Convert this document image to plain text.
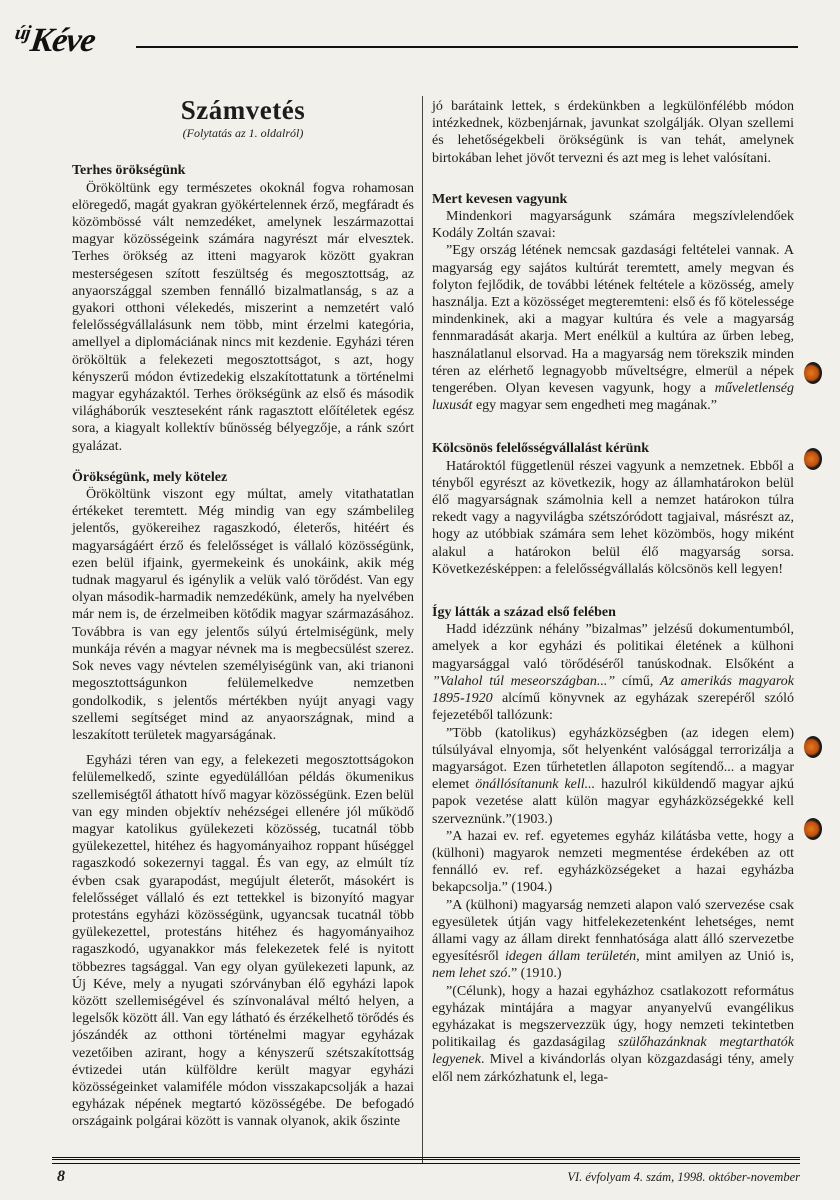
$^{új}$Kéve
Számvetés
(Folytatás az 1. oldalról)

Terhes örökségünk

Örököltünk egy természetes okoknál fogva rohamosan elöregedő, magát gyakran gyökértelennek érző, megfáradt és közömbössé vált nemzedéket, amelynek leszármazottai magyar közösségeink számára nagyrészt már elvesztek. Terhes örökség az itteni magyarok között gyakran mesterségesen szított feszültség és megosztottság, az anyaországgal szemben fennálló bizalmatlanság, s az a gyakori otthoni vélekedés, miszerint a nemzetért való felelősségvállalásunk nem több, mint érzelmi kategória, amellyel a diplomáciának nincs mit kezdenie. Egyházi téren örököltük a felekezeti megosztottságot, s azt, hogy kényszerű módon évtizedekig elszakítottatunk a történelmi magyar egyházaktól. Terhes örökségünk az első és második világháborúk veszteseként ránk ragasztott előítéletek egész sora, a kiagyalt kollektív bűnösség bélyegzője, a ránk szórt gyalázat.

Örökségünk, mely kötelez

Örököltünk viszont egy múltat, amely vitathatatlan értékeket teremtett. Még mindig van egy számbelileg jelentős, gyökereihez ragaszkodó, életerős, hitéért és magyarságáért érző és felelősséget is vállaló közösségünk, ezen belül ifjaink, gyermekeink és unokáink, akik még tudnak magyarul és igénylik a velük való törődést. Van egy olyan második-harmadik nemzedékünk, amely ha nyelvében már nem is, de érzelmeiben kötődik magyar származásához. Továbbra is van egy jelentős súlyú értelmiségünk, mely munkája révén a magyar névnek ma is megbecsülést szerez. Sok neves vagy névtelen személyiségünk van, aki trianoni megosztottságunkon felülemelkedve nemzetben gondolkodik, s jelentős mértékben nyújt anyagi vagy szellemi segítséget mind az anyaországnak, mind a leszakított területek magyarságának.

Egyházi téren van egy, a felekezeti megosztottságokon felülemelkedő, szinte egyedülállóan példás ökumenikus szellemiségtől áthatott hívő magyar közösségünk. Ezen belül van egy minden objektív nehézségei ellenére jól működő magyar katolikus gyülekezeti közösség, tucatnál több gyülekezettel, hitéhez és hagyományaihoz roppant hűséggel ragaszkodó sokezernyi taggal. És van egy, az elmúlt tíz évben csak gyarapodást, megújult életerőt, másokért is felelősséget vállaló és ezt tettekkel is bizonyító magyar protestáns egyházi közösségünk, ugyancsak tucatnál több gyülekezettel, protestáns hitéhez és hagyományaihoz ragaszkodó, ugyanakkor más felekezetek felé is nyitott többezres tagsággal. Van egy olyan gyülekezeti lapunk, az Új Kéve, mely a nyugati szórványban élő egyházi lapok között szellemiségével és színvonalával méltó helyen, a legelsők között áll. Van egy látható és érzékelhető törődés és jószándék az otthoni történelmi magyar egyházak vezetőiben azirant, hogy a kényszerű szétszakítottság évtizedei után külföldre került magyar egyházi közösségeinket valamiféle módon visszakapcsolják a hazai egyházak népének megtartó közösségébe. De befogadó országaink polgárai között is vannak olyanok, akik őszinte

jó barátaink lettek, s érdekünkben a legkülönfélébb módon intézkednek, közbenjárnak, javunkat szolgálják. Olyan szellemi és lehetőségekbeli örökségünk is van tehát, amelynek birtokában lehet jövőt tervezni és azt meg is lehet valósítani.

Mert kevesen vagyunk

Mindenkori magyarságunk számára megszívlelendőek Kodály Zoltán szavai:

”Egy ország létének nemcsak gazdasági feltételei vannak. A magyarság egy sajátos kultúrát teremtett, amely megvan és folyton fejlődik, de további létének feltétele a közösség, amely használja. Ezt a közösséget megteremteni: első és fő kötelessége mindenkinek, aki a magyar kultúra és vele a magyarság fennmaradását akarja. Mert enélkül a kultúra az űrben lebeg, használatlanul elsorvad. Ha a magyarság nem törekszik minden téren az elérhető legnagyobb műveltségre, elmerül a népek tengerében. Olyan kevesen vagyunk, hogy a műveletlenség luxusát egy magyar sem engedheti meg magának.”

Kölcsönös felelősségvállalást kérünk

Határoktól függetlenül részei vagyunk a nemzetnek. Ebből a tényből egyrészt az következik, hogy az államhatárokon belül élő magyarságnak számolnia kell a nemzet határokon túlra rekedt vagy a nagyvilágba szétszóródott tagjaival, másrészt az, hogy az utóbbiak számára sem lehet közömbös, hogy miként alakul a határokon belül élő magyarság sorsa. Következésképpen: a felelősségvállalás kölcsönös kell legyen!

Így látták a század első felében

Hadd idézzünk néhány ”bizalmas” jelzésű dokumentumból, amelyek a kor egyházi és politikai életének a külhoni magyarsággal való törődéséről tanúskodnak. Elsőként a ”Valahol túl meseországban...” című, Az amerikás magyarok 1895-1920 alcímű könyvnek az egyházak szerepéről szóló fejezetéből tallózunk:

”Több (katolikus) egyházközségben (az idegen elem) túlsúlyával elnyomja, sőt helyenként valósággal terrorizálja a magyarságot. Ezen tűrhetetlen állapoton segítendő... a magyar elemet önállósítanunk kell... hazulról kiküldendő magyar ajkú papok vezetése alatt külön magyar egyházközségekké kell szerveznünk.”(1903.)

”A hazai ev. ref. egyetemes egyház kilátásba vette, hogy a (külhoni) magyarok nemzeti megmentése érdekében az ott fennálló ev. ref. egyházközségeket a hazai egyházba bekapcsolja.” (1904.)

”A (külhoni) magyarság nemzeti alapon való szervezése csak egyesületek útján vagy hitfelekezetenként lehetséges, nemt állami vagy az állam direkt fennhatósága alatt álló szervezetbe egyesítésről idegen állam területén, mint amilyen az Unió is, nem lehet szó.” (1910.)

”(Célunk), hogy a hazai egyházhoz csatlakozott református egyházak mintájára a magyar anyanyelvű evangélikus egyházakat is megszervezzük úgy, hogy nemzeti tekintetben politikailag és gazdaságilag szülőhazánknak megtarthatók legyenek. Mivel a kivándorlás olyan közgazdasági tény, amely elől nem zárkózhatunk el, lega-

8	VI. évfolyam 4. szám, 1998. október-november
